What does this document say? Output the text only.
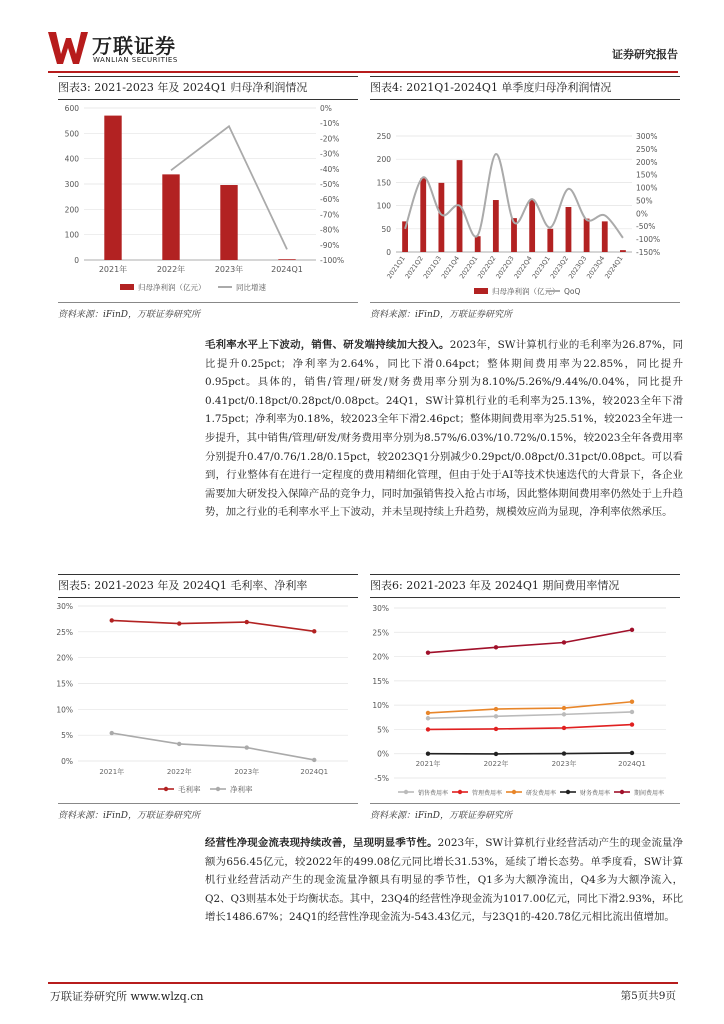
万联证券
WANLIAN SECURITIES	证券研究报告
图表3: 2021-2023 年及 2024Q1 归母净利润情况
600
500
400
300
200
100
0
0%
-10%
-20%
-30%
-40%
-50%
-60%
-70%
-80%
-90%
-100%
2021年	2022年	2023年	2024Q1
归母净利润（亿元）	同比增速
资料来源：iFinD，万联证券研究所
图表4: 2021Q1-2024Q1 单季度归母净利润情况
250
200
150
100
50
0
300%
250%
200%
150%
100%
50%
0%
-50%
-100%
-150%
2021Q1
2021Q2
2021Q3
2021Q4
2022Q1
2022Q2
2022Q3
2022Q4
2023Q1
2023Q2
2023Q3
2023Q4
2024Q1
归母净利润（亿元） QoQ
资料来源：iFinD，万联证券研究所
毛利率水平上下波动，销售、研发端持续加大投入。2023年，SW计算机行业的毛利率为26.87%，同比提升0.25pct；净利率为2.64%，同比下滑0.64pct；整体期间费用率为22.85%，同比提升0.95pct。具体的，销售/管理/研发/财务费用率分别为8.10%/5.26%/9.44%/0.04%，同比提升0.41pct/0.18pct/0.28pct/0.08pct。24Q1，SW计算机行业的毛利率为25.13%，较2023全年下滑1.75pct；净利率为0.18%，较2023全年下滑2.46pct；整体期间费用率为25.51%，较2023全年进一步提升，其中销售/管理/研发/财务费用率分别为8.57%/6.03%/10.72%/0.15%，较2023全年各费用率分别提升0.47/0.76/1.28/0.15pct，较2023Q1分别减少0.29pct/0.08pct/0.31pct/0.08pct。可以看到，行业整体有在进行一定程度的费用精细化管理，但由于处于AI等技术快速迭代的大背景下，各企业需要加大研发投入保障产品的竞争力，同时加强销售投入抢占市场，因此整体期间费用率仍然处于上升趋势，加之行业的毛利率水平上下波动，并未呈现持续上升趋势，规模效应尚为显现，净利率依然承压。
图表5: 2021-2023 年及 2024Q1 毛利率、净利率
30%
25%
20%
15%
10%
5%
0%
2021年	2022年	2023年	2024Q1
毛利率	净利率
资料来源：iFinD，万联证券研究所
图表6: 2021-2023 年及 2024Q1 期间费用率情况
30%
25%
20%
15%
10%
5%
0%
-5%
2021年	2022年	2023年	2024Q1
销售费用率	管理费用率	研发费用率	财务费用率	期间费用率
资料来源：iFinD，万联证券研究所
经营性净现金流表现持续改善，呈现明显季节性。2023年，SW计算机行业经营活动产生的现金流量净额为656.45亿元，较2022年的499.08亿元同比增长31.53%，延续了增长态势。单季度看，SW计算机行业经营活动产生的现金流量净额具有明显的季节性，Q1多为大额净流出，Q4多为大额净流入，Q2、Q3则基本处于均衡状态。其中，23Q4的经营性净现金流为1017.00亿元，同比下滑2.93%，环比增长1486.67%；24Q1的经营性净现金流为-543.43亿元，与23Q1的-420.78亿元相比流出值增加。
万联证券研究所 www.wlzq.cn	第5页共9页
